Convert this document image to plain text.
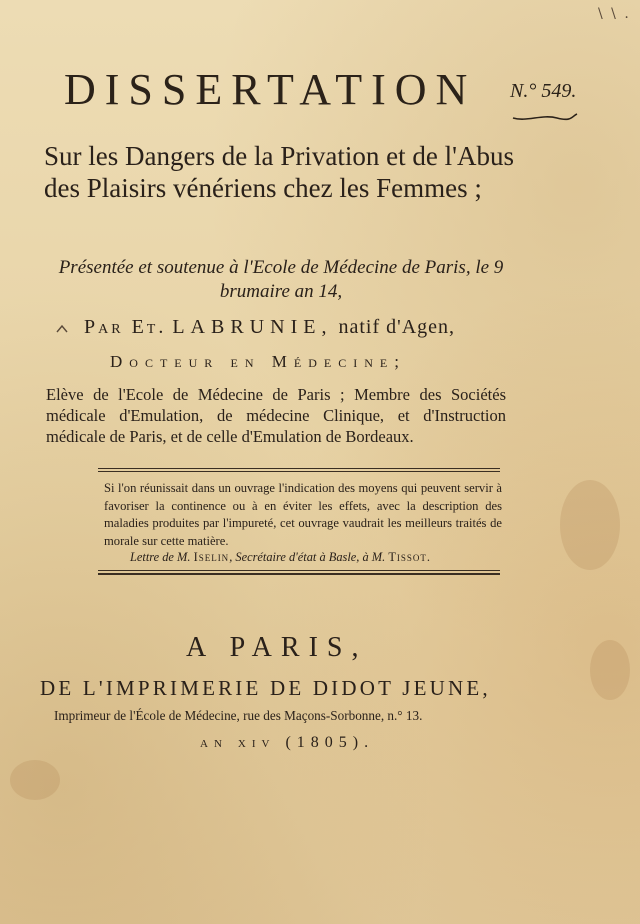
\ \ .
DISSERTATION N.° 549.
Sur les Dangers de la Privation et de l'Abus des Plaisirs vénériens chez les Femmes ;
Présentée et soutenue à l'Ecole de Médecine de Paris, le 9 brumaire an 14,
Par Et. LABRUNIE, natif d'Agen,
Docteur en Médecine;
Elève de l'Ecole de Médecine de Paris ; Membre des Sociétés médicale d'Emulation, de médecine Clinique, et d'Instruction médicale de Paris, et de celle d'Emulation de Bordeaux.
Si l'on réunissait dans un ouvrage l'indication des moyens qui peuvent servir à favoriser la continence ou à en éviter les effets, avec la description des maladies produites par l'impureté, cet ouvrage vaudrait les meilleurs traités de morale sur cette matière.
Lettre de M. Iselin, Secrétaire d'état à Basle, à M. Tissot.
A PARIS,
DE L'IMPRIMERIE DE DIDOT JEUNE,
Imprimeur de l'École de Médecine, rue des Maçons-Sorbonne, n.° 13.
an xiv (1805).
